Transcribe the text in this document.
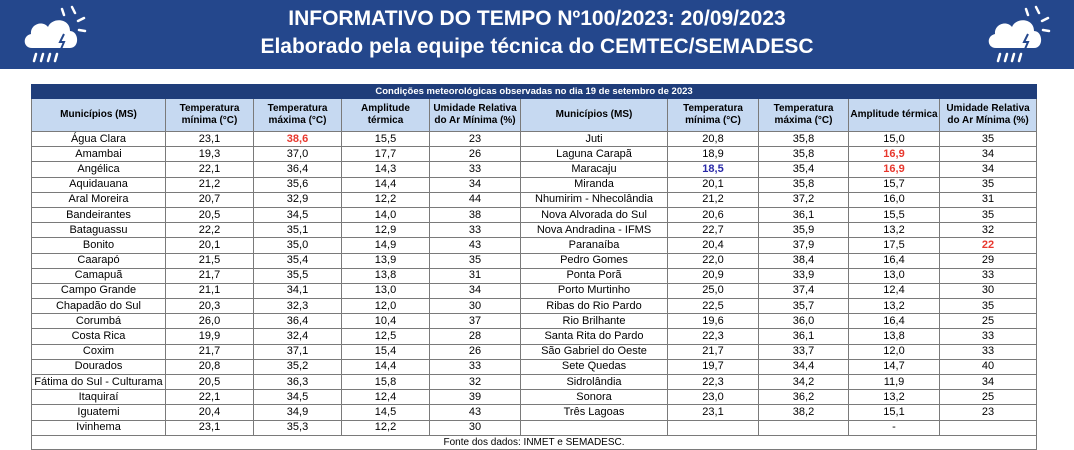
INFORMATIVO DO TEMPO Nº100/2023: 20/09/2023
Elaborado pela equipe técnica do CEMTEC/SEMADESC
Condições meteorológicas observadas no dia 19 de setembro de 2023									
Municípios (MS)	Temperatura mínima (°C)	Temperatura máxima (°C)	Amplitude térmica	Umidade Relativa do Ar Mínima (%)	Municípios (MS)	Temperatura mínima (°C)	Temperatura máxima (°C)	Amplitude térmica	Umidade Relativa do Ar Mínima (%)
Água Clara	23,1	38,6	15,5	23	Juti	20,8	35,8	15,0	35
Amambai	19,3	37,0	17,7	26	Laguna Carapã	18,9	35,8	16,9	34
Angélica	22,1	36,4	14,3	33	Maracaju	18,5	35,4	16,9	34
Aquidauana	21,2	35,6	14,4	34	Miranda	20,1	35,8	15,7	35
Aral Moreira	20,7	32,9	12,2	44	Nhumirim - Nhecolândia	21,2	37,2	16,0	31
Bandeirantes	20,5	34,5	14,0	38	Nova Alvorada do Sul	20,6	36,1	15,5	35
Bataguassu	22,2	35,1	12,9	33	Nova Andradina - IFMS	22,7	35,9	13,2	32
Bonito	20,1	35,0	14,9	43	Paranaíba	20,4	37,9	17,5	22
Caarapó	21,5	35,4	13,9	35	Pedro Gomes	22,0	38,4	16,4	29
Camapuã	21,7	35,5	13,8	31	Ponta Porã	20,9	33,9	13,0	33
Campo Grande	21,1	34,1	13,0	34	Porto Murtinho	25,0	37,4	12,4	30
Chapadão do Sul	20,3	32,3	12,0	30	Ribas do Rio Pardo	22,5	35,7	13,2	35
Corumbá	26,0	36,4	10,4	37	Rio Brilhante	19,6	36,0	16,4	25
Costa Rica	19,9	32,4	12,5	28	Santa Rita do Pardo	22,3	36,1	13,8	33
Coxim	21,7	37,1	15,4	26	São Gabriel do Oeste	21,7	33,7	12,0	33
Dourados	20,8	35,2	14,4	33	Sete Quedas	19,7	34,4	14,7	40
Fátima do Sul - Culturama	20,5	36,3	15,8	32	Sidrolândia	22,3	34,2	11,9	34
Itaquiraí	22,1	34,5	12,4	39	Sonora	23,0	36,2	13,2	25
Iguatemi	20,4	34,9	14,5	43	Três Lagoas	23,1	38,2	15,1	23
Ivinhema	23,1	35,3	12,2	30				-	
Fonte dos dados: INMET e SEMADESC.									
